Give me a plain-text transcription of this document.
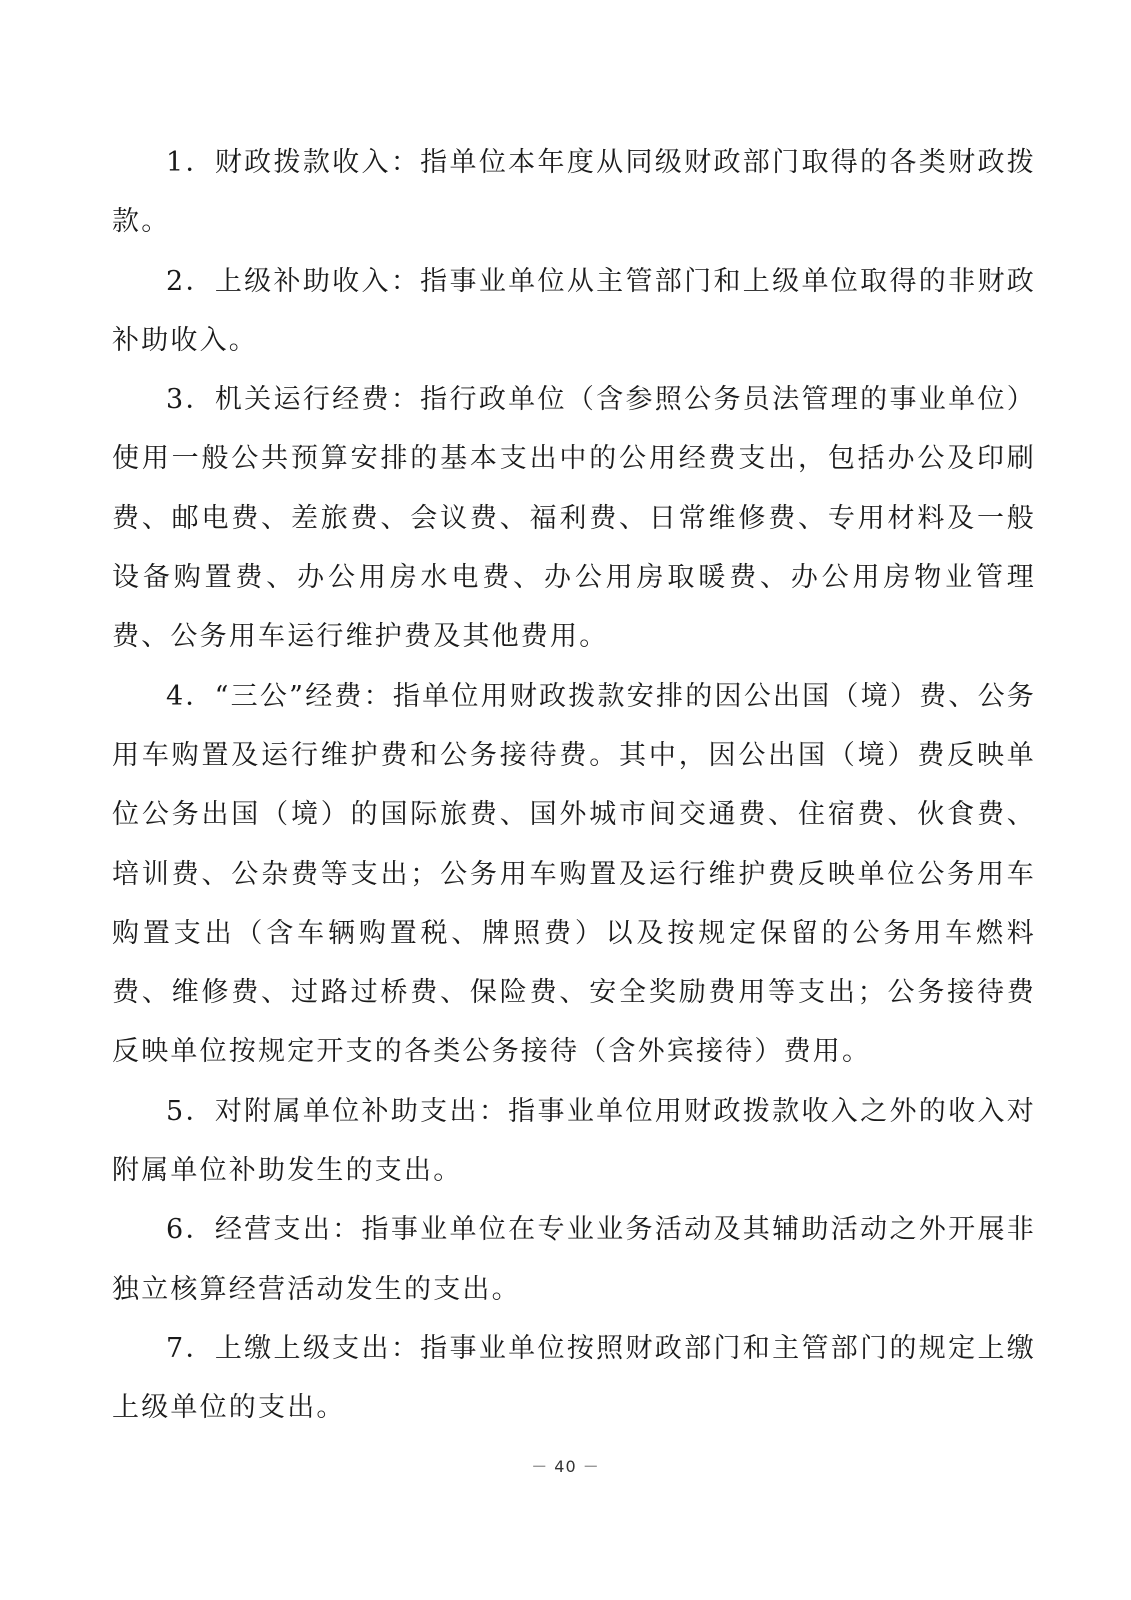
1．财政拨款收入：指单位本年度从同级财政部门取得的各类财政拨款。

2．上级补助收入：指事业单位从主管部门和上级单位取得的非财政补助收入。

3．机关运行经费：指行政单位（含参照公务员法管理的事业单位）使用一般公共预算安排的基本支出中的公用经费支出，包括办公及印刷费、邮电费、差旅费、会议费、福利费、日常维修费、专用材料及一般设备购置费、办公用房水电费、办公用房取暖费、办公用房物业管理费、公务用车运行维护费及其他费用。

4．“三公”经费：指单位用财政拨款安排的因公出国（境）费、公务用车购置及运行维护费和公务接待费。其中，因公出国（境）费反映单位公务出国（境）的国际旅费、国外城市间交通费、住宿费、伙食费、培训费、公杂费等支出；公务用车购置及运行维护费反映单位公务用车购置支出（含车辆购置税、牌照费）以及按规定保留的公务用车燃料费、维修费、过路过桥费、保险费、安全奖励费用等支出；公务接待费反映单位按规定开支的各类公务接待（含外宾接待）费用。

5．对附属单位补助支出：指事业单位用财政拨款收入之外的收入对附属单位补助发生的支出。

6．经营支出：指事业单位在专业业务活动及其辅助活动之外开展非独立核算经营活动发生的支出。

7．上缴上级支出：指事业单位按照财政部门和主管部门的规定上缴上级单位的支出。

－ 40 －
